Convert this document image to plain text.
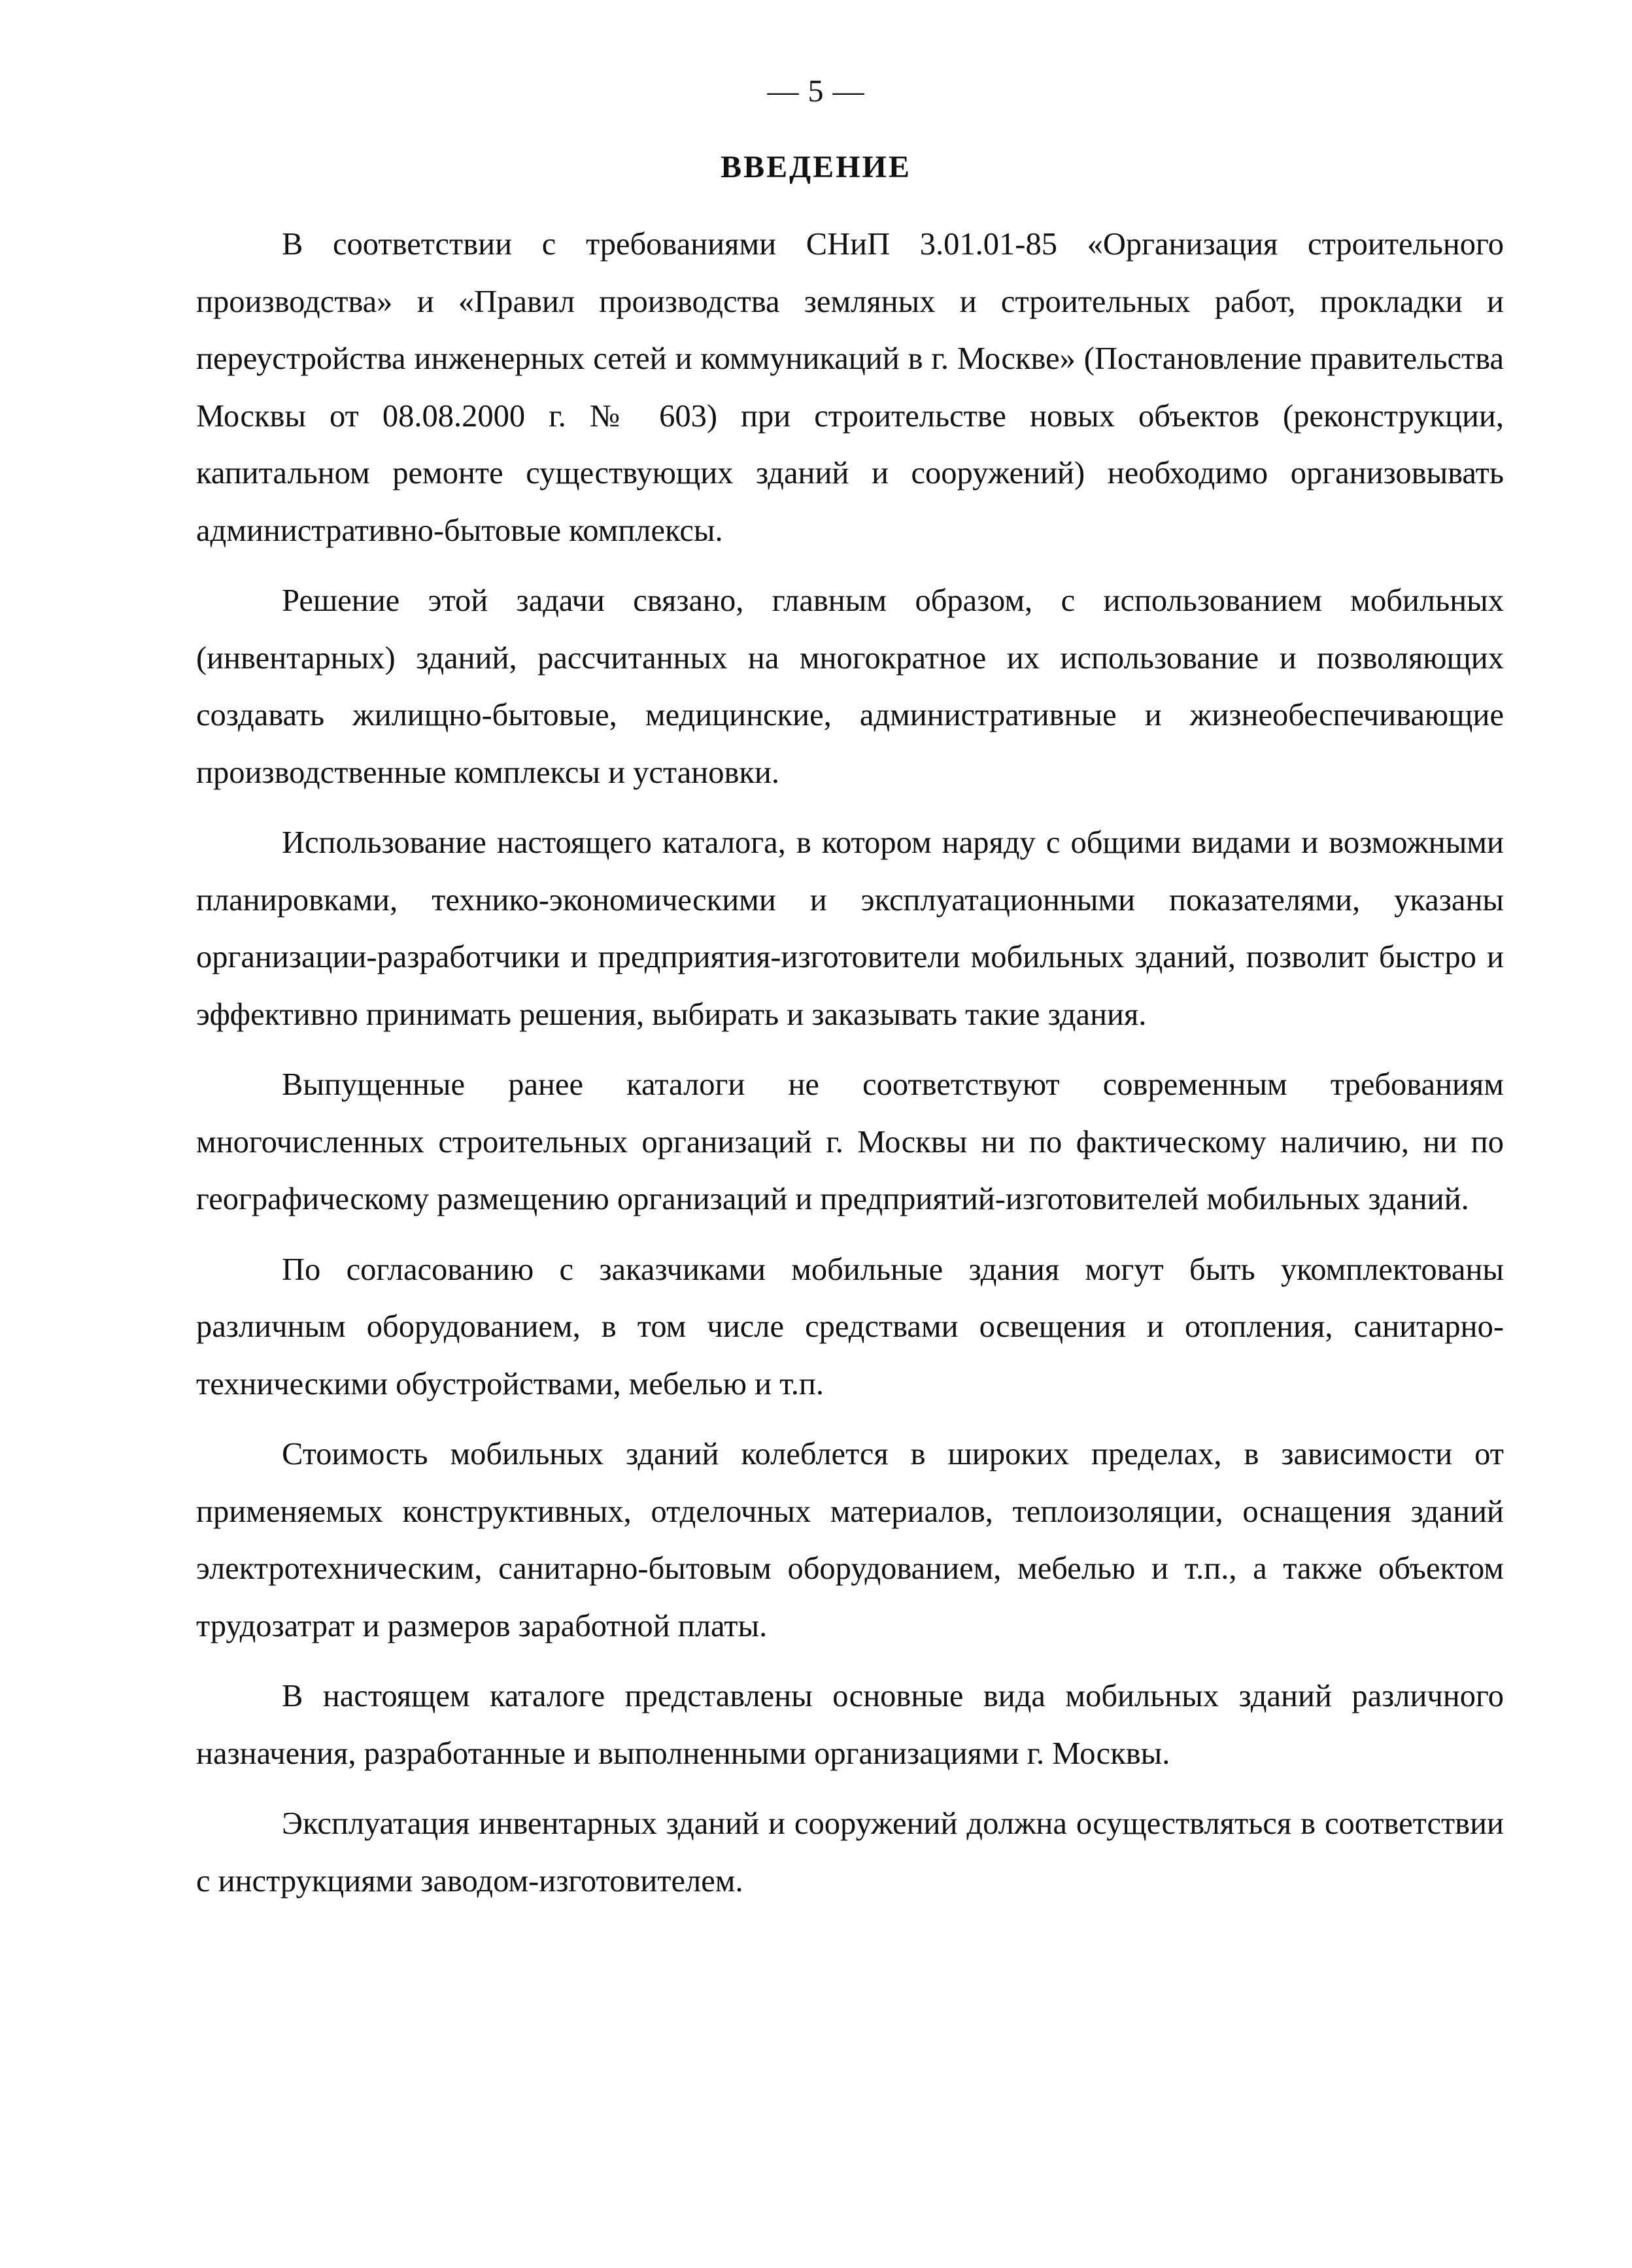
— 5 —
ВВЕДЕНИЕ

В соответствии с требованиями СНиП 3.01.01-85 «Организация строительного производства» и «Правил производства земляных и строительных работ, прокладки и переустройства инженерных сетей и коммуникаций в г. Москве» (Постановление правительства Москвы от 08.08.2000 г. № 603) при строительстве новых объектов (реконструкции, капитальном ремонте существующих зданий и сооружений) необходимо организовывать административно-бытовые комплексы.

Решение этой задачи связано, главным образом, с использованием мобильных (инвентарных) зданий, рассчитанных на многократное их использование и позволяющих создавать жилищно-бытовые, медицинские, административные и жизнеобеспечивающие производственные комплексы и установки.

Использование настоящего каталога, в котором наряду с общими видами и возможными планировками, технико-экономическими и эксплуатационными показателями, указаны организации-разработчики и предприятия-изготовители мобильных зданий, позволит быстро и эффективно принимать решения, выбирать и заказывать такие здания.

Выпущенные ранее каталоги не соответствуют современным требованиям многочисленных строительных организаций г. Москвы ни по фактическому наличию, ни по географическому размещению организаций и предприятий-изготовителей мобильных зданий.

По согласованию с заказчиками мобильные здания могут быть укомплектованы различным оборудованием, в том числе средствами освещения и отопления, санитарно-техническими обустройствами, мебелью и т.п.

Стоимость мобильных зданий колеблется в широких пределах, в зависимости от применяемых конструктивных, отделочных материалов, теплоизоляции, оснащения зданий электротехническим, санитарно-бытовым оборудованием, мебелью и т.п., а также объектом трудозатрат и размеров заработной платы.

В настоящем каталоге представлены основные вида мобильных зданий различного назначения, разработанные и выполненными организациями г. Москвы.

Эксплуатация инвентарных зданий и сооружений должна осуществляться в соответствии с инструкциями заводом-изготовителем.
